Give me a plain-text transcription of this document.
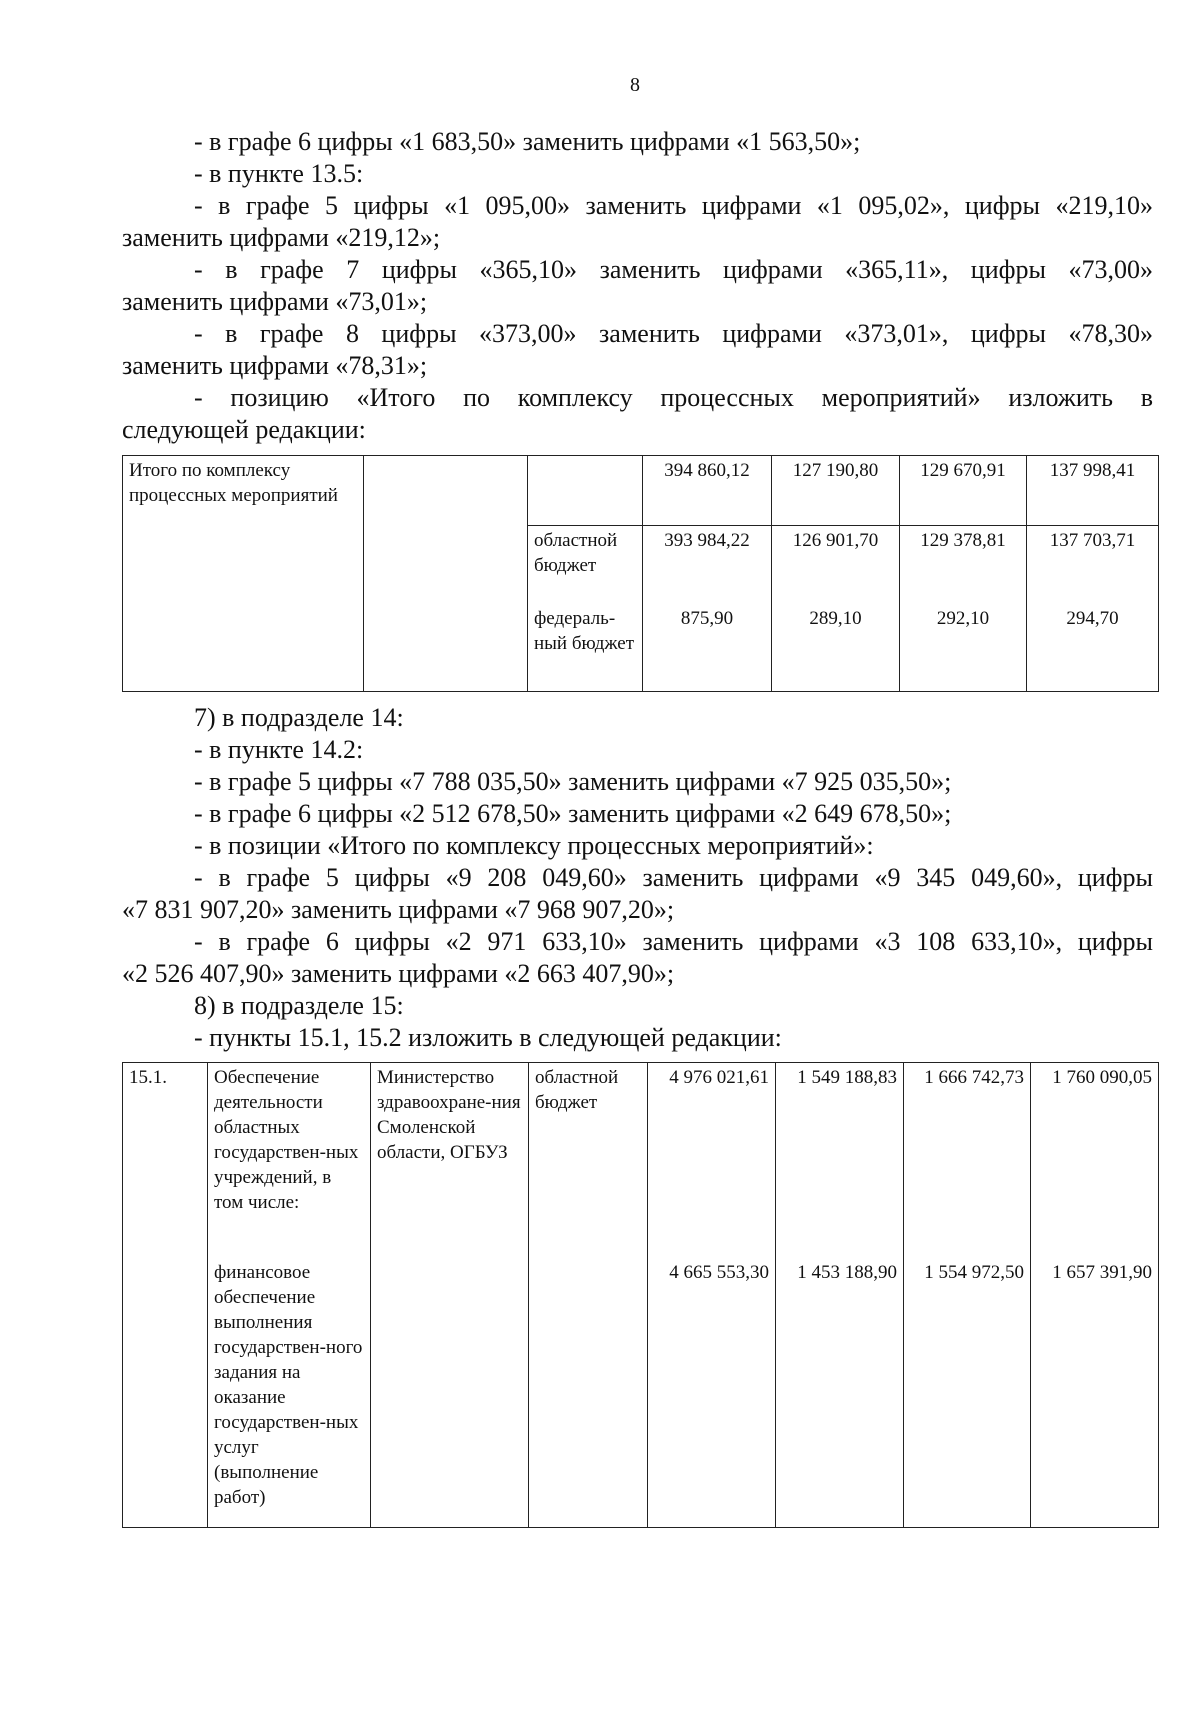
8
- в графе 6 цифры «1 683,50» заменить цифрами «1 563,50»;
- в пункте 13.5:
- в графе 5 цифры «1 095,00» заменить цифрами «1 095,02», цифры «219,10»
заменить цифрами «219,12»;
- в графе 7 цифры «365,10» заменить цифрами «365,11», цифры «73,00»
заменить цифрами «73,01»;
- в графе 8 цифры «373,00» заменить цифрами «373,01», цифры «78,30»
заменить цифрами «78,31»;
- позицию «Итого по комплексу процессных мероприятий» изложить в
следующей редакции:
Итого по комплексу процессных мероприятий			394 860,12	127 190,80	129 670,91	137 998,41
		областной бюджет	393 984,22	126 901,70	129 378,81	137 703,71
		федераль-ный бюджет	875,90	289,10	292,10	294,70
7) в подразделе 14:
- в пункте 14.2:
- в графе 5 цифры «7 788 035,50» заменить цифрами «7 925 035,50»;
- в графе 6 цифры «2 512 678,50» заменить цифрами «2 649 678,50»;
- в позиции «Итого по комплексу процессных мероприятий»:
- в графе 5 цифры «9 208 049,60» заменить цифрами «9 345 049,60», цифры
«7 831 907,20» заменить цифрами «7 968 907,20»;
- в графе 6 цифры «2 971 633,10» заменить цифрами «3 108 633,10», цифры
«2 526 407,90» заменить цифрами «2 663 407,90»;
8) в подразделе 15:
- пункты 15.1, 15.2 изложить в следующей редакции:
15.1.	Обеспечение деятельности областных государствен-ных учреждений, в том числе:	Министерство здравоохране-ния Смоленской области, ОГБУЗ	областной бюджет	4 976 021,61	1 549 188,83	1 666 742,73	1 760 090,05
	финансовое обеспечение выполнения государствен-ного задания на оказание государствен-ных услуг (выполнение работ)			4 665 553,30	1 453 188,90	1 554 972,50	1 657 391,90
